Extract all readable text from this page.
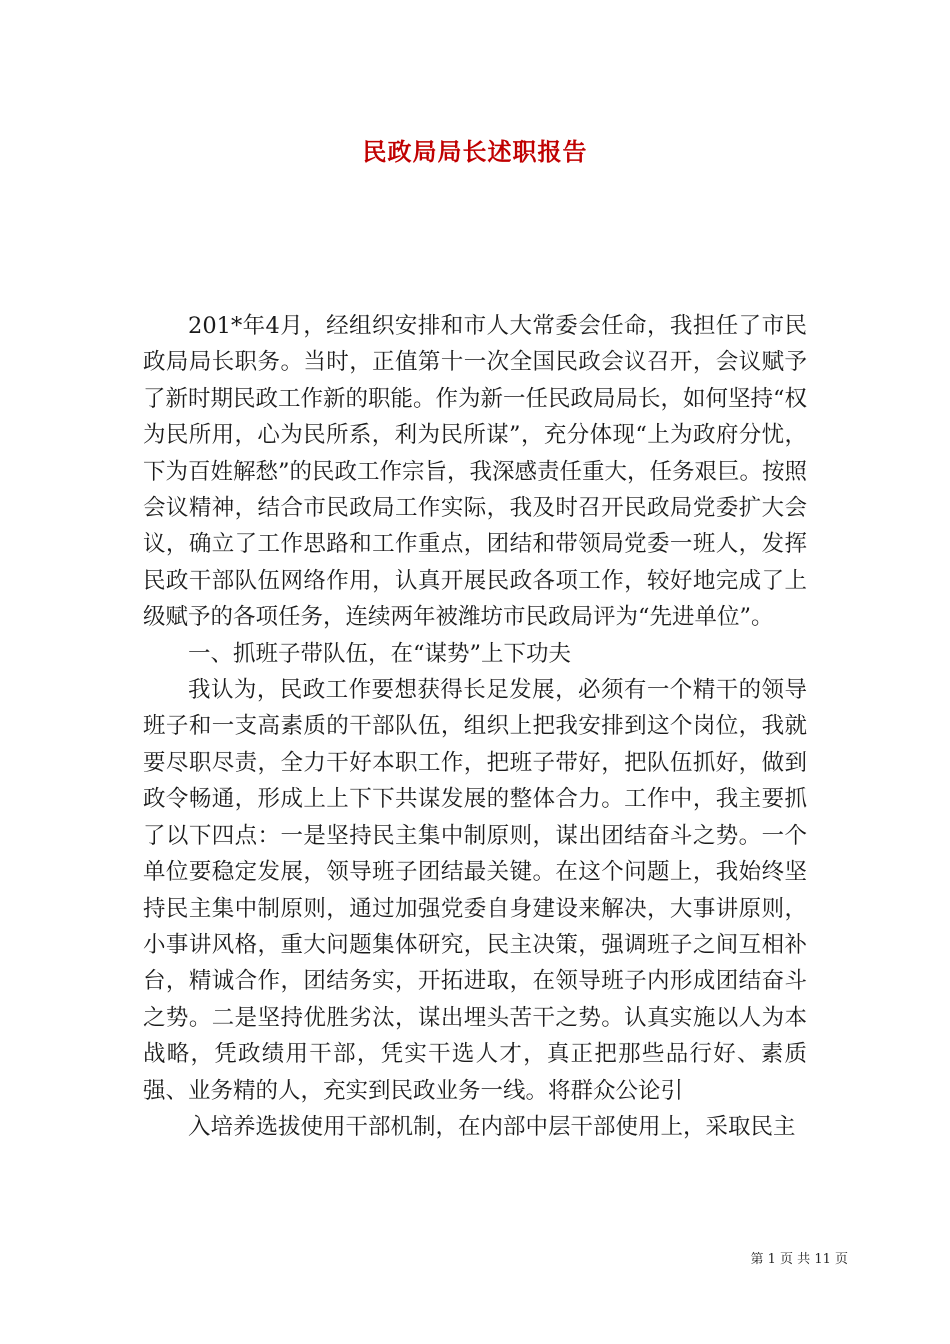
民政局局长述职报告

201*年4月，经组织安排和市人大常委会任命，我担任了市民政局局长职务。当时，正值第十一次全国民政会议召开，会议赋予了新时期民政工作新的职能。作为新一任民政局局长，如何坚持“权为民所用，心为民所系，利为民所谋”，充分体现“上为政府分忧，下为百姓解愁”的民政工作宗旨，我深感责任重大，任务艰巨。按照会议精神，结合市民政局工作实际，我及时召开民政局党委扩大会议，确立了工作思路和工作重点，团结和带领局党委一班人，发挥民政干部队伍网络作用，认真开展民政各项工作，较好地完成了上级赋予的各项任务，连续两年被潍坊市民政局评为“先进单位”。

一、抓班子带队伍，在“谋势”上下功夫

我认为，民政工作要想获得长足发展，必须有一个精干的领导班子和一支高素质的干部队伍，组织上把我安排到这个岗位，我就要尽职尽责，全力干好本职工作，把班子带好，把队伍抓好，做到政令畅通，形成上上下下共谋发展的整体合力。工作中，我主要抓了以下四点：一是坚持民主集中制原则，谋出团结奋斗之势。一个单位要稳定发展，领导班子团结最关键。在这个问题上，我始终坚持民主集中制原则，通过加强党委自身建设来解决，大事讲原则，小事讲风格，重大问题集体研究，民主决策，强调班子之间互相补台，精诚合作，团结务实，开拓进取，在领导班子内形成团结奋斗之势。二是坚持优胜劣汰，谋出埋头苦干之势。认真实施以人为本战略，凭政绩用干部，凭实干选人才，真正把那些品行好、素质强、业务精的人，充实到民政业务一线。将群众公论引

入培养选拔使用干部机制，在内部中层干部使用上，采取民主

第 1 页 共 11 页
